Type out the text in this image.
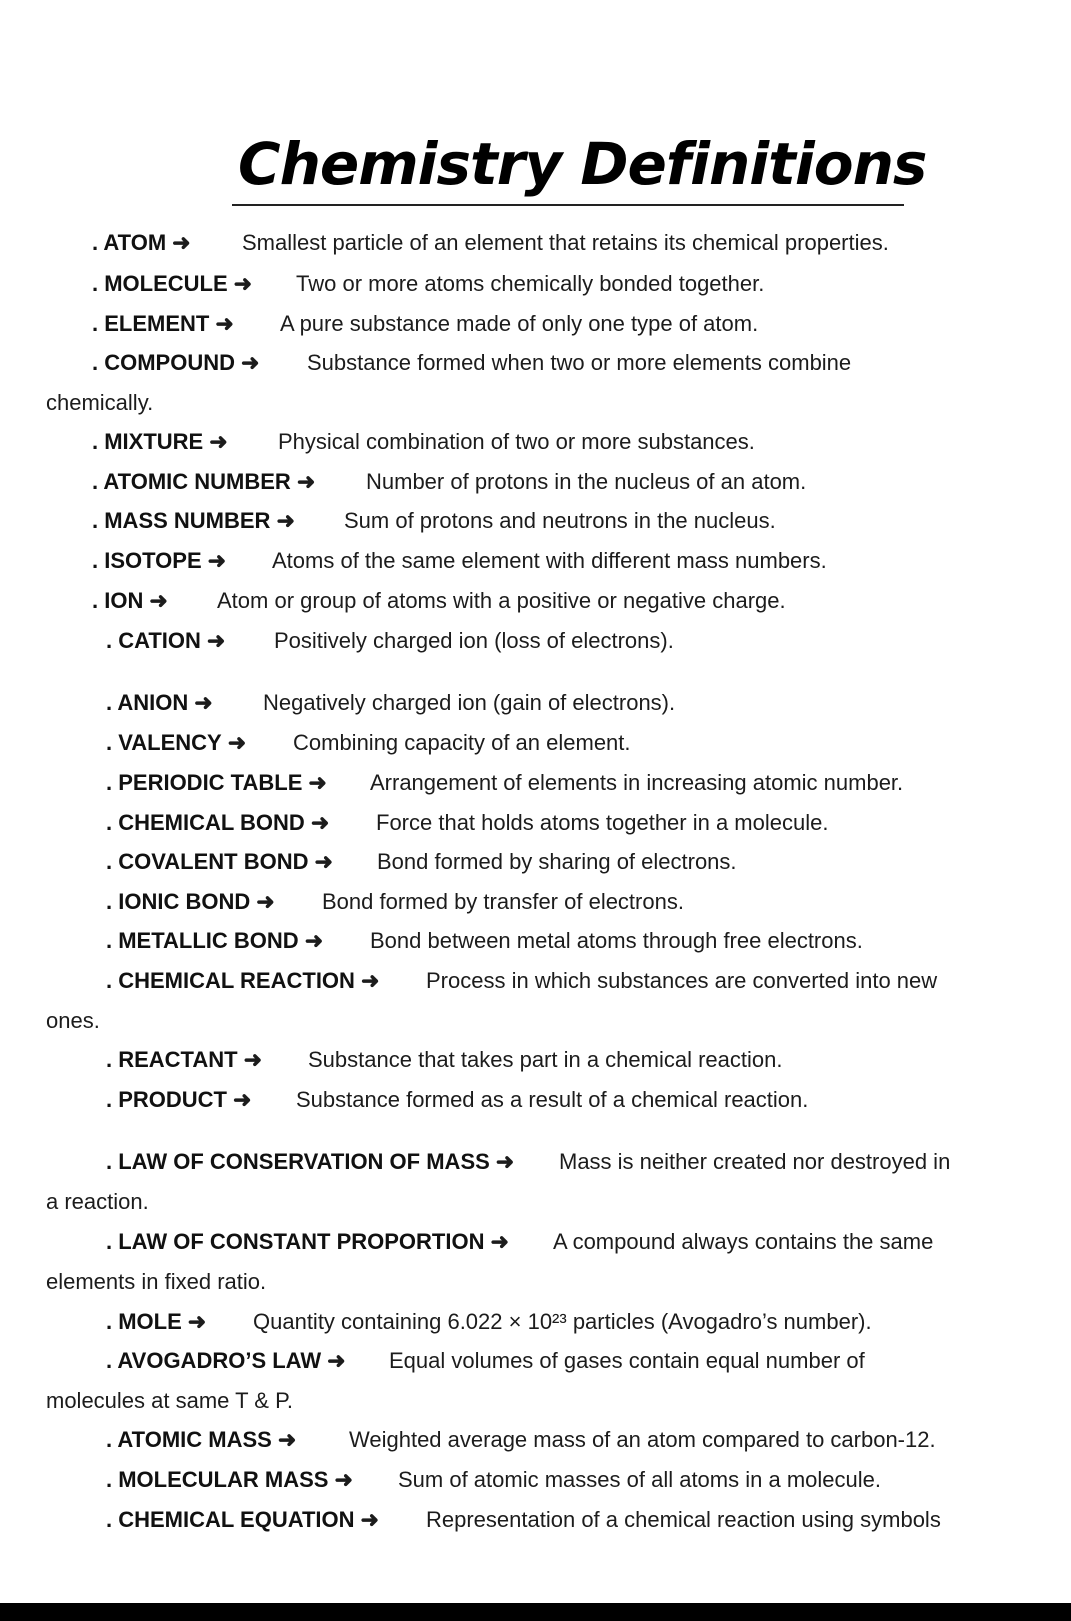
Chemistry Definitions
. ATOM ➜ Smallest particle of an element that retains its chemical properties.
. MOLECULE ➜ Two or more atoms chemically bonded together.
. ELEMENT ➜ A pure substance made of only one type of atom.
. COMPOUND ➜ Substance formed when two or more elements combine
chemically.
. MIXTURE ➜ Physical combination of two or more substances.
. ATOMIC NUMBER ➜ Number of protons in the nucleus of an atom.
. MASS NUMBER ➜ Sum of protons and neutrons in the nucleus.
. ISOTOPE ➜ Atoms of the same element with different mass numbers.
. ION ➜ Atom or group of atoms with a positive or negative charge.
. CATION ➜ Positively charged ion (loss of electrons).
. ANION ➜ Negatively charged ion (gain of electrons).
. VALENCY ➜ Combining capacity of an element.
. PERIODIC TABLE ➜ Arrangement of elements in increasing atomic number.
. CHEMICAL BOND ➜ Force that holds atoms together in a molecule.
. COVALENT BOND ➜ Bond formed by sharing of electrons.
. IONIC BOND ➜ Bond formed by transfer of electrons.
. METALLIC BOND ➜ Bond between metal atoms through free electrons.
. CHEMICAL REACTION ➜ Process in which substances are converted into new
ones.
. REACTANT ➜ Substance that takes part in a chemical reaction.
. PRODUCT ➜ Substance formed as a result of a chemical reaction.
. LAW OF CONSERVATION OF MASS ➜ Mass is neither created nor destroyed in
a reaction.
. LAW OF CONSTANT PROPORTION ➜ A compound always contains the same
elements in fixed ratio.
. MOLE ➜ Quantity containing 6.022 × 10²³ particles (Avogadro’s number).
. AVOGADRO’S LAW ➜ Equal volumes of gases contain equal number of
molecules at same T & P.
. ATOMIC MASS ➜ Weighted average mass of an atom compared to carbon-12.
. MOLECULAR MASS ➜ Sum of atomic masses of all atoms in a molecule.
. CHEMICAL EQUATION ➜ Representation of a chemical reaction using symbols
